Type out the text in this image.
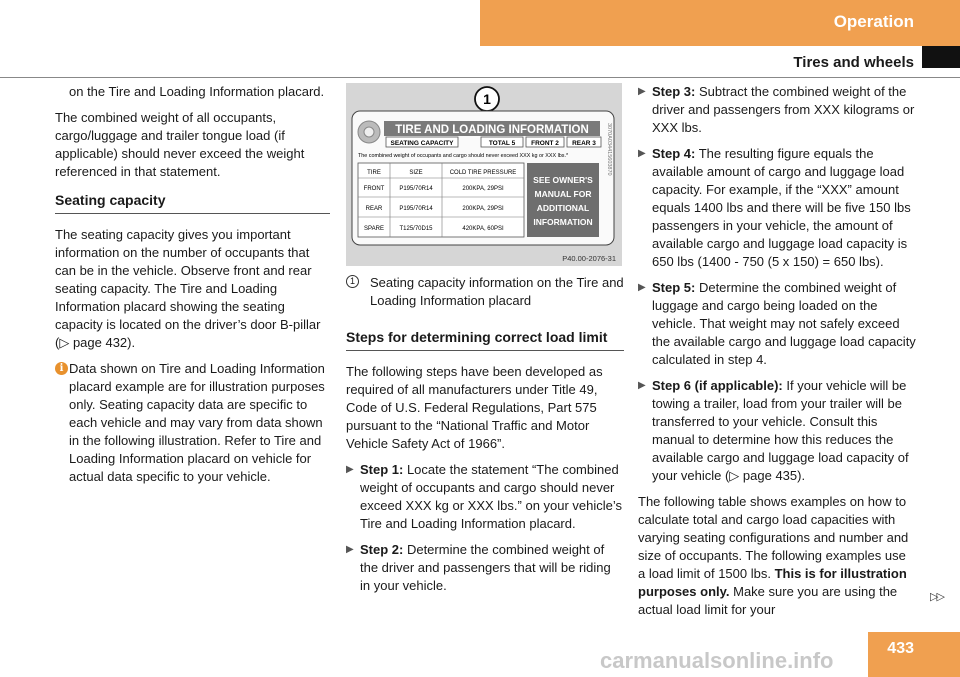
Operation
Tires and wheels

on the Tire and Loading Information placard.

The combined weight of all occupants, cargo/luggage and trailer tongue load (if applicable) should never exceed the weight referenced in that statement.

Seating capacity

The seating capacity gives you important information on the number of occupants that can be in the vehicle. Observe front and rear seating capacity. The Tire and Loading Information placard showing the seating capacity is located on the driver’s door B-pillar (▷ page 432).

i Data shown on Tire and Loading Information placard example are for illustration purposes only. Seating capacity data are specific to each vehicle and may vary from data shown in the following illustration. Refer to Tire and Loading Information placard on vehicle for actual data specific to your vehicle.
1
TIRE AND LOADING INFORMATION
SEATING CAPACITY	TOTAL 5 FRONT 2 REAR 3
The combined weight of occupants and cargo should never exceed XXX kg or XXX lbs.*
TIRE	SIZE	COLD TIRE PRESSURE
FRONT P195/70R14	200KPA, 29PSI
REAR	P195/70R14	200KPA, 29PSI
SPARE	T125/70D15	420KPA, 60PSI
SEE OWNER'S
MANUAL FOR
ADDITIONAL
INFORMATION
3070A034415603870
P40.00-2076-31
1	Seating capacity information on the Tire and Loading Information placard
Steps for determining correct load limit

The following steps have been developed as required of all manufacturers under Title 49, Code of U.S. Federal Regulations, Part 575 pursuant to the “National Traffic and Motor Vehicle Safety Act of 1966”.

▶ Step 1: Locate the statement “The combined weight of occupants and cargo should never exceed XXX kg or XXX lbs.” on your vehicle’s Tire and Loading Information placard.
▶ Step 2: Determine the combined weight of the driver and passengers that will be riding in your vehicle.
▶ Step 3: Subtract the combined weight of the driver and passengers from XXX kilograms or XXX lbs.
▶ Step 4: The resulting figure equals the available amount of cargo and luggage load capacity. For example, if the “XXX” amount equals 1400 lbs and there will be five 150 lbs passengers in your vehicle, the amount of available cargo and luggage load capacity is 650 lbs (1400 - 750 (5 x 150) = 650 lbs).
▶ Step 5: Determine the combined weight of luggage and cargo being loaded on the vehicle. That weight may not safely exceed the available cargo and luggage load capacity calculated in step 4.
▶ Step 6 (if applicable): If your vehicle will be towing a trailer, load from your trailer will be transferred to your vehicle. Consult this manual to determine how this reduces the available cargo and luggage load capacity of your vehicle (▷ page 435).

The following table shows examples on how to calculate total and cargo load capacities with varying seating configurations and number and size of occupants. The following examples use a load limit of 1500 lbs. This is for illustration purposes only. Make sure you are using the actual load limit for your

▷▷
433
carmanualsonline.info
